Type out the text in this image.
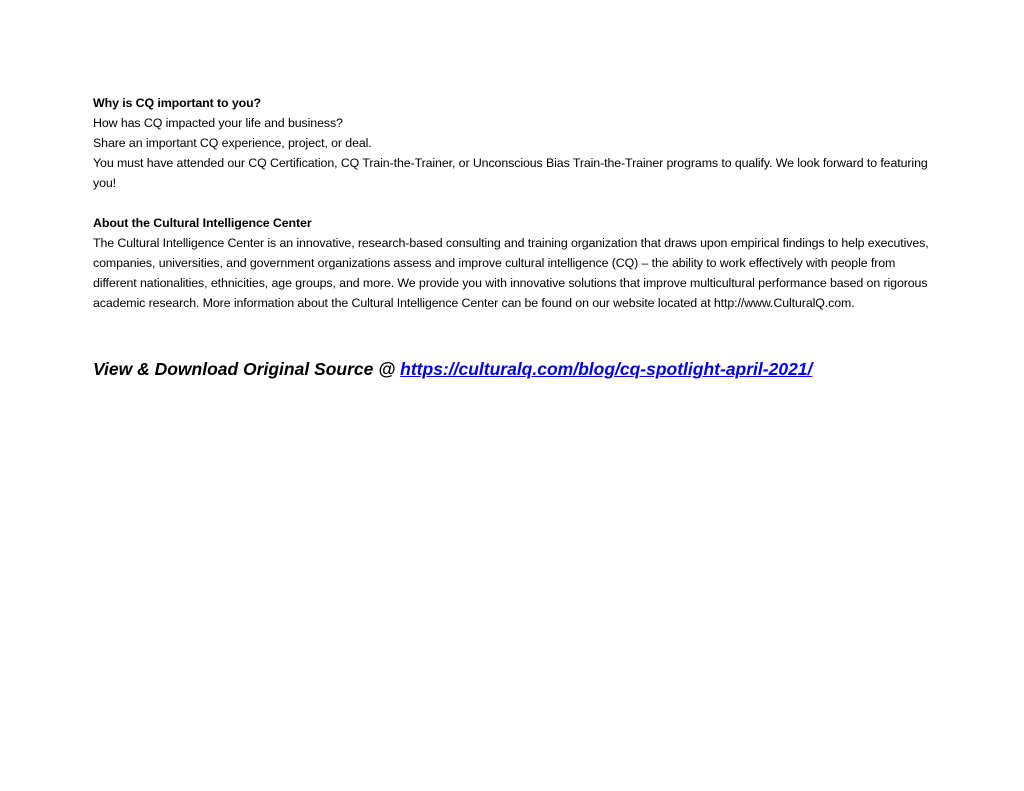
Why is CQ important to you?
How has CQ impacted your life and business?
Share an important CQ experience, project, or deal.
You must have attended our CQ Certification, CQ Train-the-Trainer, or Unconscious Bias Train-the-Trainer programs to qualify. We look forward to featuring you!
About the Cultural Intelligence Center
The Cultural Intelligence Center is an innovative, research-based consulting and training organization that draws upon empirical findings to help executives, companies, universities, and government organizations assess and improve cultural intelligence (CQ) – the ability to work effectively with people from different nationalities, ethnicities, age groups, and more. We provide you with innovative solutions that improve multicultural performance based on rigorous academic research. More information about the Cultural Intelligence Center can be found on our website located at http://www.CulturalQ.com.
View & Download Original Source @ https://culturalq.com/blog/cq-spotlight-april-2021/
